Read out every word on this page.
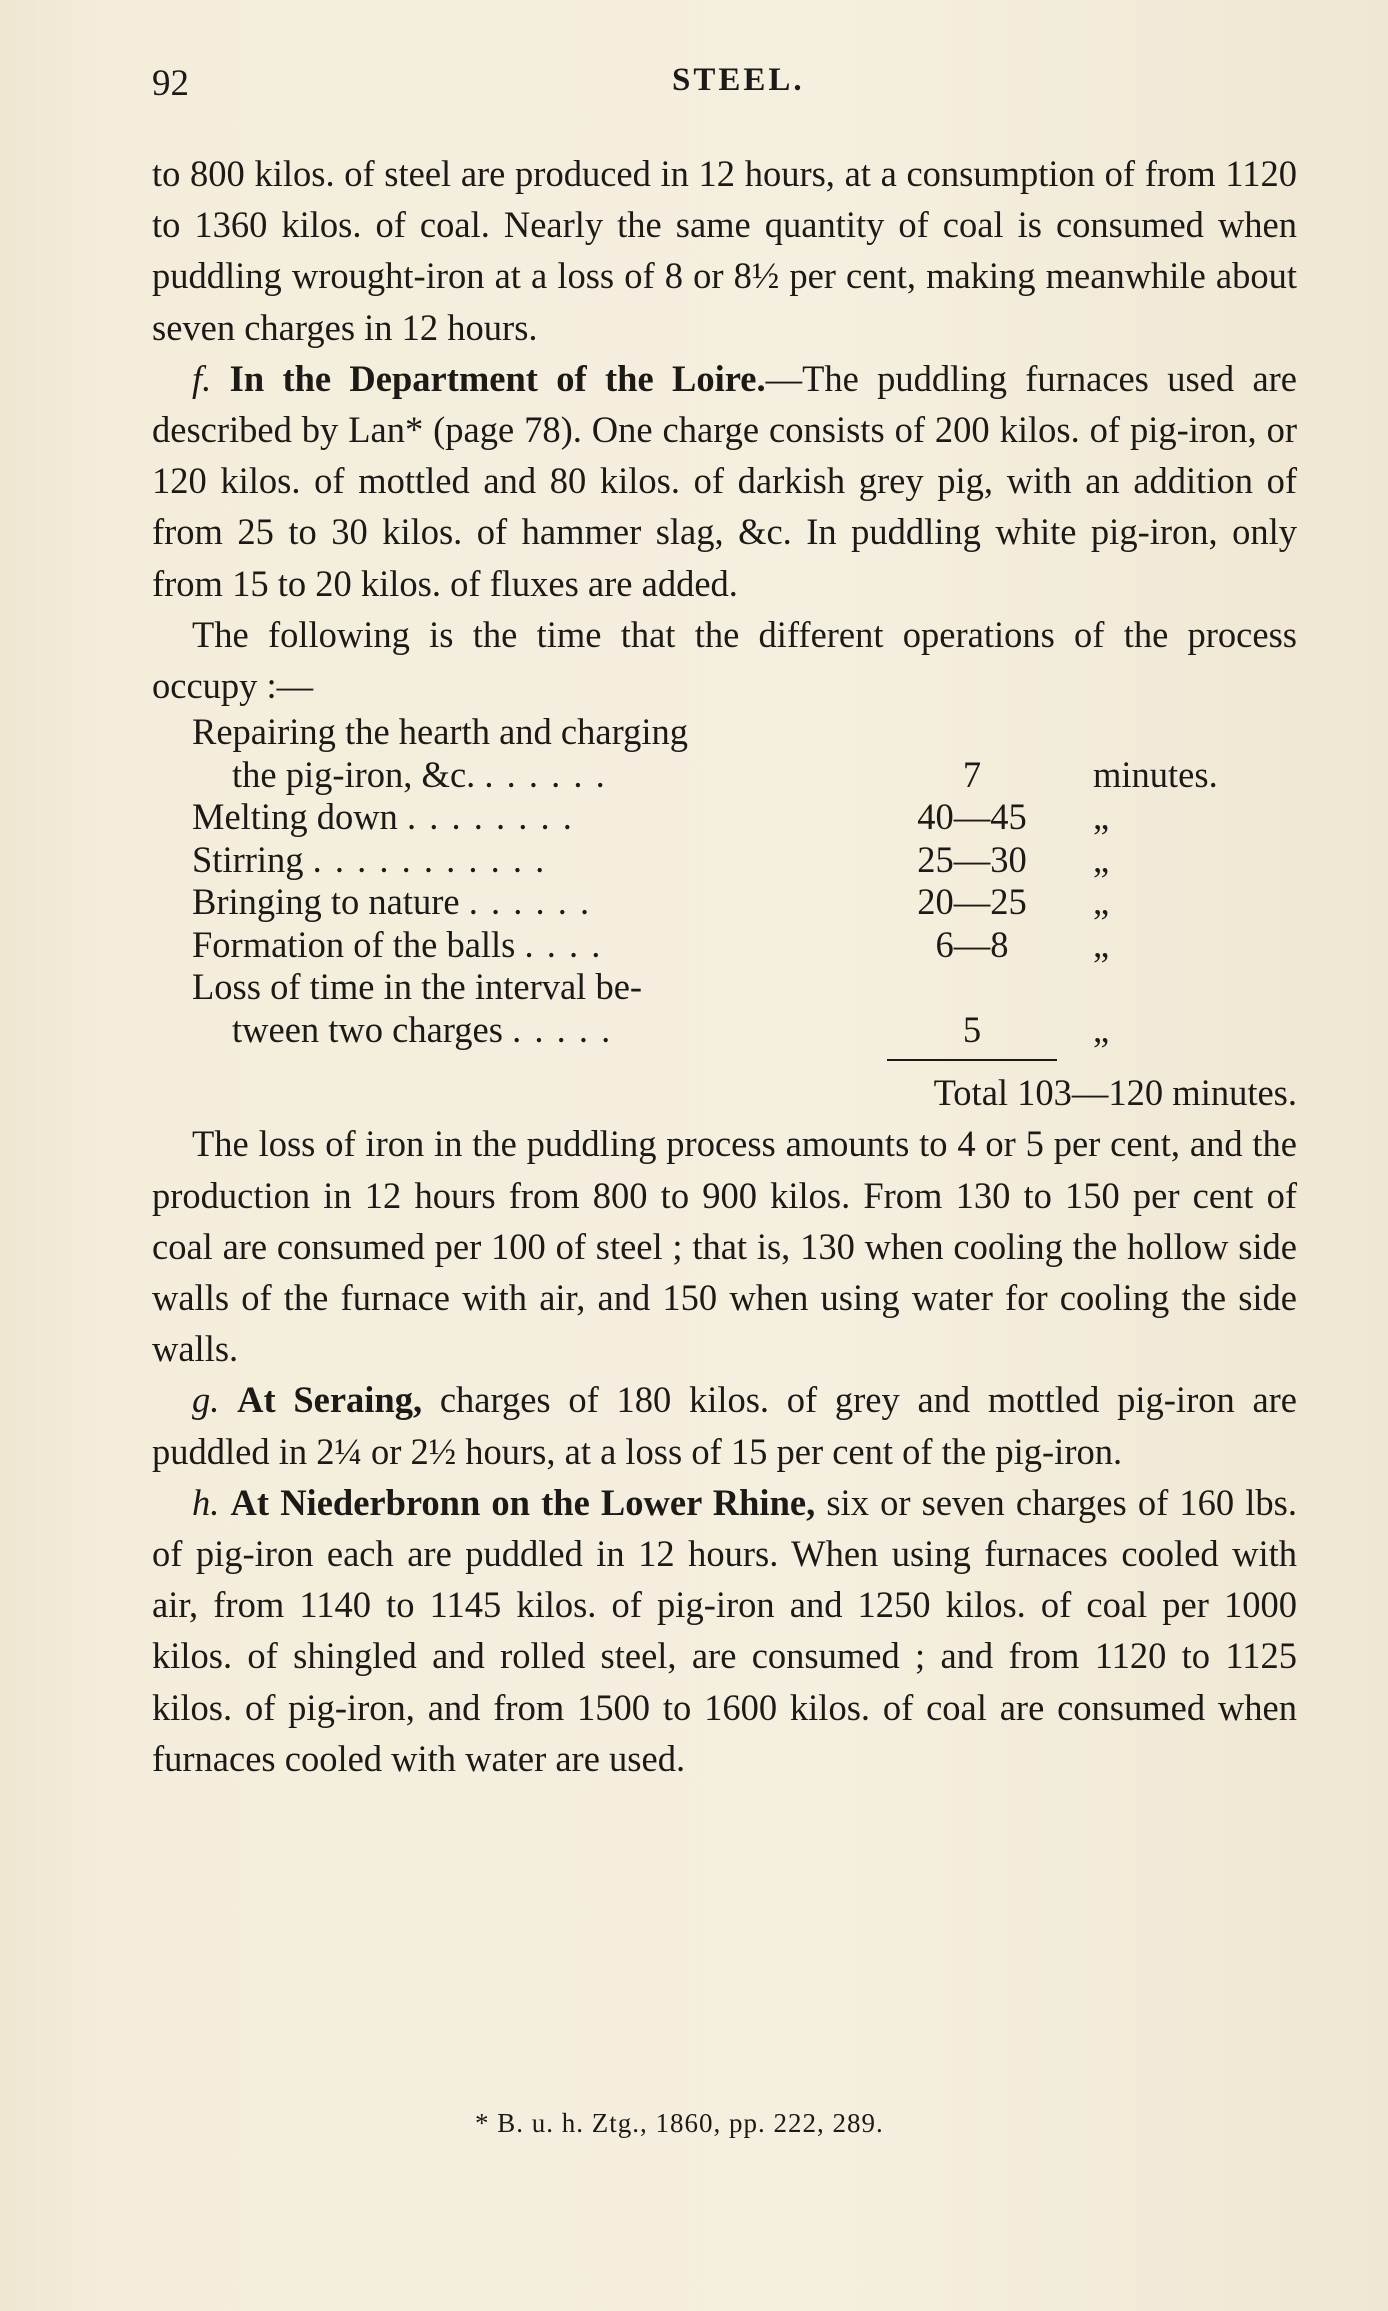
92	STEEL.

to 800 kilos. of steel are produced in 12 hours, at a consumption of from 1120 to 1360 kilos. of coal. Nearly the same quantity of coal is consumed when puddling wrought-iron at a loss of 8 or 8½ per cent, making meanwhile about seven charges in 12 hours.

f. In the Department of the Loire.—The puddling furnaces used are described by Lan* (page 78). One charge consists of 200 kilos. of pig-iron, or 120 kilos. of mottled and 80 kilos. of darkish grey pig, with an addition of from 25 to 30 kilos. of hammer slag, &c. In puddling white pig-iron, only from 15 to 20 kilos. of fluxes are added.

The following is the time that the different operations of the process occupy :—

Repairing the hearth and charging
the pig-iron, &c. . . . . . .	7	minutes.
Melting down . . . . . . . .	40—45	„
Stirring . . . . . . . . . . .	25—30	„
Bringing to nature . . . . . .	20—25	„
Formation of the balls . . . .	6—8	„
Loss of time in the interval be-
tween two charges . . . . .	5	„

Total 103—120 minutes.

The loss of iron in the puddling process amounts to 4 or 5 per cent, and the production in 12 hours from 800 to 900 kilos. From 130 to 150 per cent of coal are consumed per 100 of steel ; that is, 130 when cooling the hollow side walls of the furnace with air, and 150 when using water for cooling the side walls.

g. At Seraing, charges of 180 kilos. of grey and mottled pig-iron are puddled in 2¼ or 2½ hours, at a loss of 15 per cent of the pig-iron.

h. At Niederbronn on the Lower Rhine, six or seven charges of 160 lbs. of pig-iron each are puddled in 12 hours. When using furnaces cooled with air, from 1140 to 1145 kilos. of pig-iron and 1250 kilos. of coal per 1000 kilos. of shingled and rolled steel, are consumed ; and from 1120 to 1125 kilos. of pig-iron, and from 1500 to 1600 kilos. of coal are consumed when furnaces cooled with water are used.

* B. u. h. Ztg., 1860, pp. 222, 289.
